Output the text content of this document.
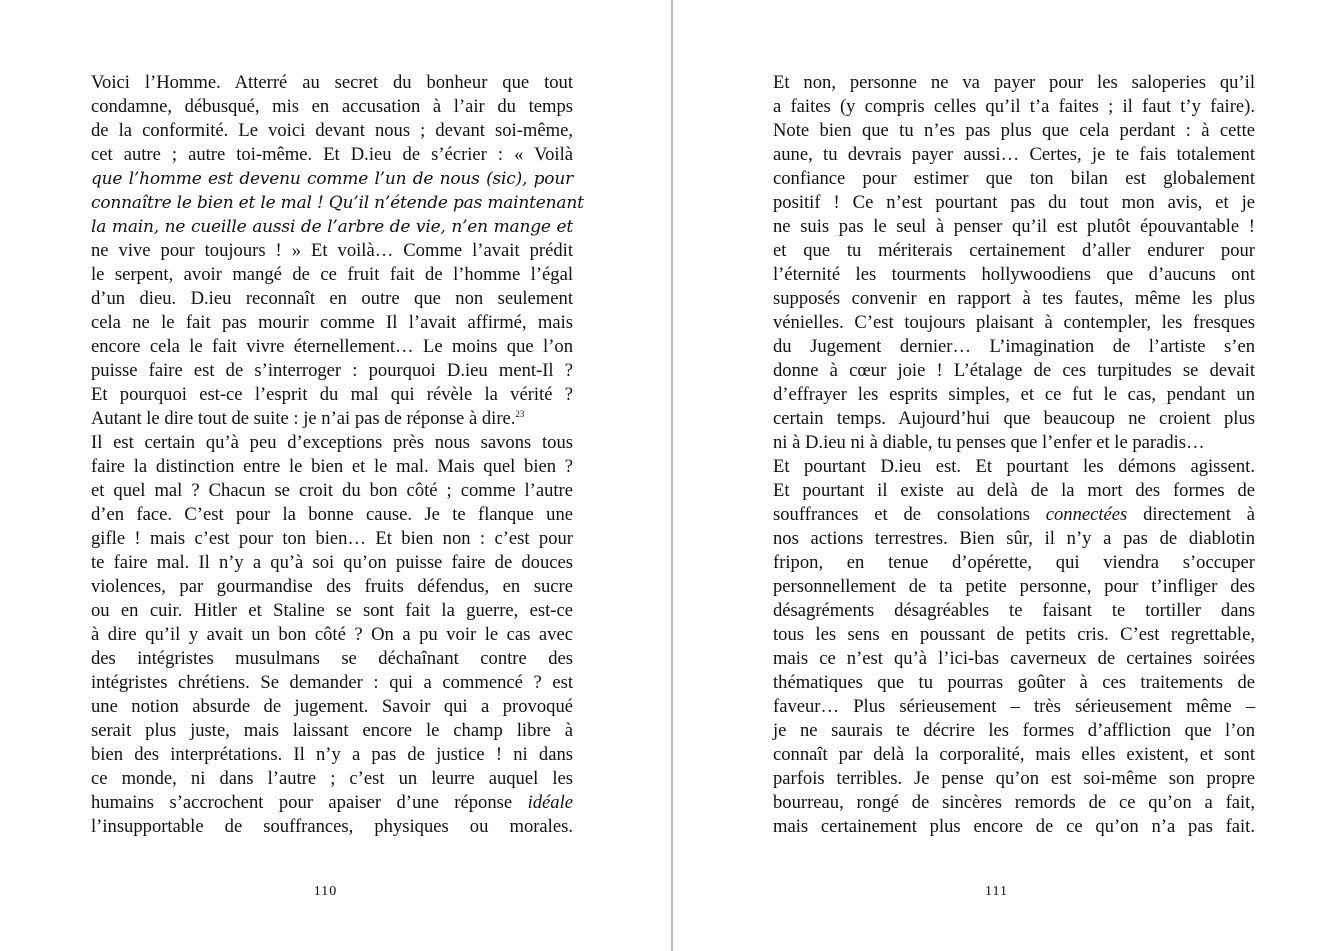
Voici l’Homme. Atterré au secret du bonheur que tout
condamne, débusqué, mis en accusation à l’air du temps
de la conformité. Le voici devant nous ; devant soi-même,
cet autre ; autre toi-même. Et D.ieu de s’écrier : « Voilà
que l’homme est devenu comme l’un de nous (sic), pour
connaître le bien et le mal ! Qu’il n’étende pas maintenant
la main, ne cueille aussi de l’arbre de vie, n’en mange et
ne vive pour toujours ! » Et voilà… Comme l’avait prédit
le serpent, avoir mangé de ce fruit fait de l’homme l’égal
d’un dieu. D.ieu reconnaît en outre que non seulement
cela ne le fait pas mourir comme Il l’avait affirmé, mais
encore cela le fait vivre éternellement… Le moins que l’on
puisse faire est de s’interroger : pourquoi D.ieu ment-Il ?
Et pourquoi est-ce l’esprit du mal qui révèle la vérité ?
Autant le dire tout de suite : je n’ai pas de réponse à dire.$^{23}$
Il est certain qu’à peu d’exceptions près nous savons tous
faire la distinction entre le bien et le mal. Mais quel bien ?
et quel mal ? Chacun se croit du bon côté ; comme l’autre
d’en face. C’est pour la bonne cause. Je te flanque une
gifle ! mais c’est pour ton bien… Et bien non : c’est pour
te faire mal. Il n’y a qu’à soi qu’on puisse faire de douces
violences, par gourmandise des fruits défendus, en sucre
ou en cuir. Hitler et Staline se sont fait la guerre, est-ce
à dire qu’il y avait un bon côté ? On a pu voir le cas avec
des intégristes musulmans se déchaînant contre des
intégristes chrétiens. Se demander : qui a commencé ? est
une notion absurde de jugement. Savoir qui a provoqué
serait plus juste, mais laissant encore le champ libre à
bien des interprétations. Il n’y a pas de justice ! ni dans
ce monde, ni dans l’autre ; c’est un leurre auquel les
humains s’accrochent pour apaiser d’une réponse idéale
l’insupportable de souffrances, physiques ou morales.
110
Et non, personne ne va payer pour les saloperies qu’il
a faites (y compris celles qu’il t’a faites ; il faut t’y faire).
Note bien que tu n’es pas plus que cela perdant : à cette
aune, tu devrais payer aussi… Certes, je te fais totalement
confiance pour estimer que ton bilan est globalement
positif ! Ce n’est pourtant pas du tout mon avis, et je
ne suis pas le seul à penser qu’il est plutôt épouvantable !
et que tu mériterais certainement d’aller endurer pour
l’éternité les tourments hollywoodiens que d’aucuns ont
supposés convenir en rapport à tes fautes, même les plus
vénielles. C’est toujours plaisant à contempler, les fresques
du Jugement dernier… L’imagination de l’artiste s’en
donne à cœur joie ! L’étalage de ces turpitudes se devait
d’effrayer les esprits simples, et ce fut le cas, pendant un
certain temps. Aujourd’hui que beaucoup ne croient plus
ni à D.ieu ni à diable, tu penses que l’enfer et le paradis…
Et pourtant D.ieu est. Et pourtant les démons agissent.
Et pourtant il existe au delà de la mort des formes de
souffrances et de consolations connectées directement à
nos actions terrestres. Bien sûr, il n’y a pas de diablotin
fripon, en tenue d’opérette, qui viendra s’occuper
personnellement de ta petite personne, pour t’infliger des
désagréments désagréables te faisant te tortiller dans
tous les sens en poussant de petits cris. C’est regrettable,
mais ce n’est qu’à l’ici-bas caverneux de certaines soirées
thématiques que tu pourras goûter à ces traitements de
faveur… Plus sérieusement – très sérieusement même –
je ne saurais te décrire les formes d’affliction que l’on
connaît par delà la corporalité, mais elles existent, et sont
parfois terribles. Je pense qu’on est soi-même son propre
bourreau, rongé de sincères remords de ce qu’on a fait,
mais certainement plus encore de ce qu’on n’a pas fait.
111
